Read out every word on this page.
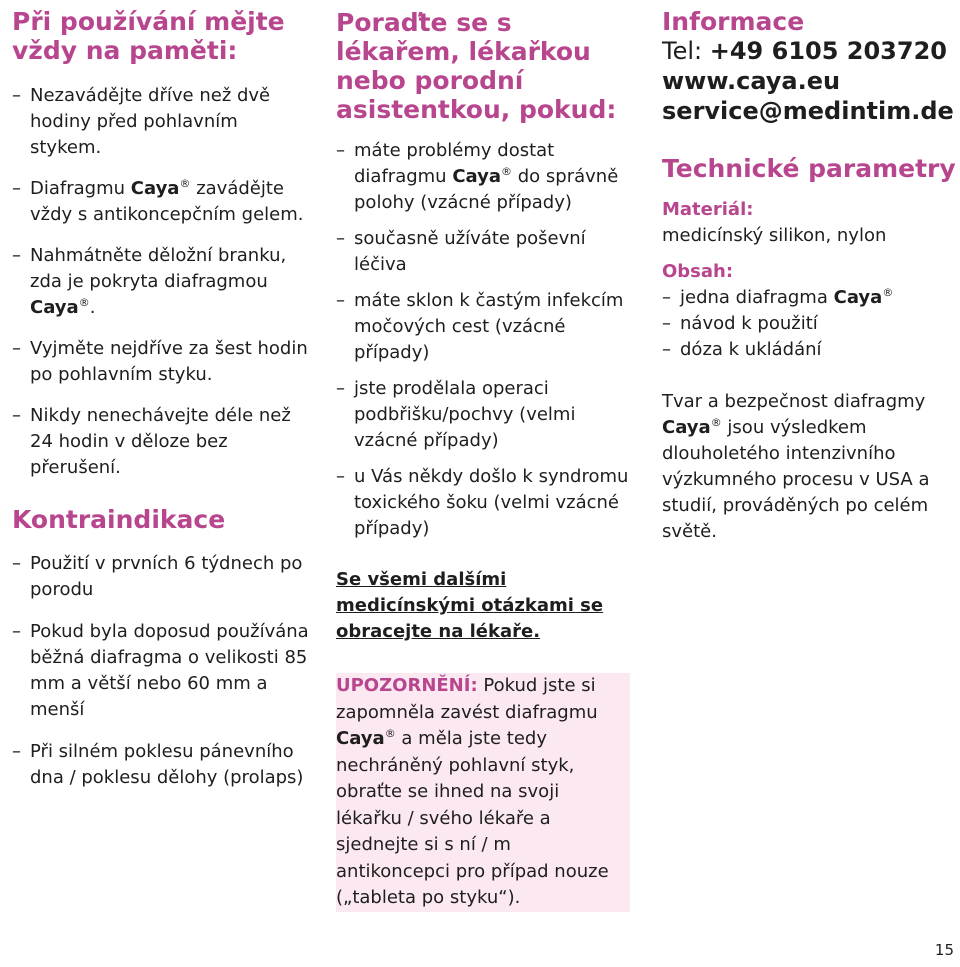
Při používání mějte vždy na paměti:
– Nezavádějte dříve než dvě hodiny před pohlavním stykem.
– Diafragmu Caya® zavádějte vždy s antikoncepčním gelem.
– Nahmátněte děložní branku, zda je pokryta diafragmou Caya®.
– Vyjměte nejdříve za šest hodin po pohlavním styku.
– Nikdy nenechávejte déle než 24 hodin v děloze bez přerušení.
Kontraindikace
– Použití v prvních 6 týdnech po porodu
– Pokud byla doposud používána běžná diafragma o velikosti 85 mm a větší nebo 60 mm a menší
– Při silném poklesu pánevního dna / poklesu dělohy (prolaps)
Poraďte se s lékařem, lékařkou nebo porodní asistentkou, pokud:
– máte problémy dostat diafragmu Caya® do správně polohy (vzácné případy)
– současně užíváte poševní léčiva
– máte sklon k častým infekcím močových cest (vzácné případy)
– jste prodělala operaci podbřišku/pochvy (velmi vzácné případy)
– u Vás někdy došlo k syndromu toxického šoku (velmi vzácné případy)

Se všemi dalšími medicínskými otázkami se obracejte na lékaře.

UPOZORNĚNÍ: Pokud jste si zapomněla zavést diafragmu Caya® a měla jste tedy nechráněný pohlavní styk, obraťte se ihned na svoji lékařku / svého lékaře a sjednejte si s ní / m antikoncepci pro případ nouze („tableta po styku“).

Informace

Tel: +49 6105 203720

www.caya.eu

service@medintim.de

Technické parametry

Materiál:

medicínský silikon, nylon

Obsah:

– jedna diafragma Caya®
– návod k použití
– dóza k ukládání

Tvar a bezpečnost diafragmy Caya® jsou výsledkem dlouholetého intenzivního výzkumného procesu v USA a studií, prováděných po celém světě.

15
